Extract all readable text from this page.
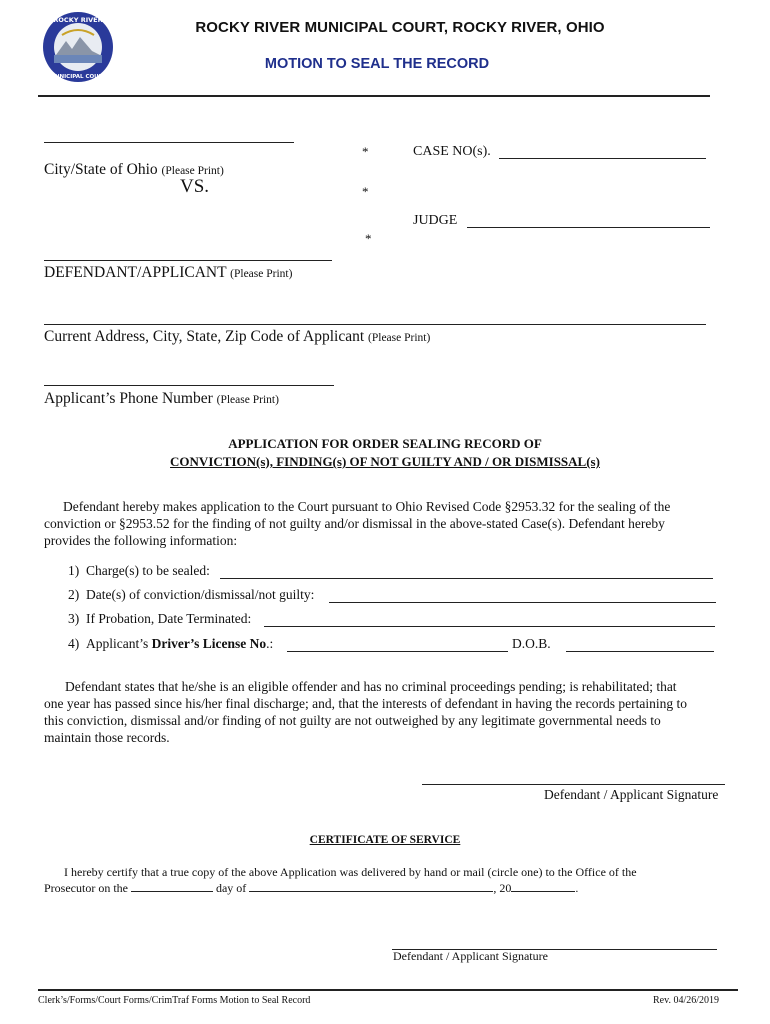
ROCKY RIVER
MUNICIPAL COURT
ROCKY RIVER MUNICIPAL COURT, ROCKY RIVER, OHIO
MOTION TO SEAL THE RECORD
*	CASE NO(s).
City/State of Ohio (Please Print)
VS.	*
JUDGE
*
DEFENDANT/APPLICANT (Please Print)
Current Address, City, State, Zip Code of Applicant (Please Print)
Applicant’s Phone Number (Please Print)
APPLICATION FOR ORDER SEALING RECORD OF
CONVICTION(s), FINDING(s) OF NOT GUILTY AND / OR DISMISSAL(s)
Defendant hereby makes application to the Court pursuant to Ohio Revised Code §2953.32 for the sealing of the
conviction or §2953.52 for the finding of not guilty and/or dismissal in the above-stated Case(s). Defendant hereby
provides the following information:
1) Charge(s) to be sealed:
2) Date(s) of conviction/dismissal/not guilty:
3) If Probation, Date Terminated:
4) Applicant’s Driver’s License No.:	D.O.B.
Defendant states that he/she is an eligible offender and has no criminal proceedings pending; is rehabilitated; that
one year has passed since his/her final discharge; and, that the interests of defendant in having the records pertaining to
this conviction, dismissal and/or finding of not guilty are not outweighed by any legitimate governmental needs to
maintain those records.
Defendant / Applicant Signature
CERTIFICATE OF SERVICE
I hereby certify that a true copy of the above Application was delivered by hand or mail (circle one) to the Office of the
Prosecutor on the	day of	, 20	.
Defendant / Applicant Signature
Clerk’s/Forms/Court Forms/CrimTraf Forms Motion to Seal Record	Rev. 04/26/2019
